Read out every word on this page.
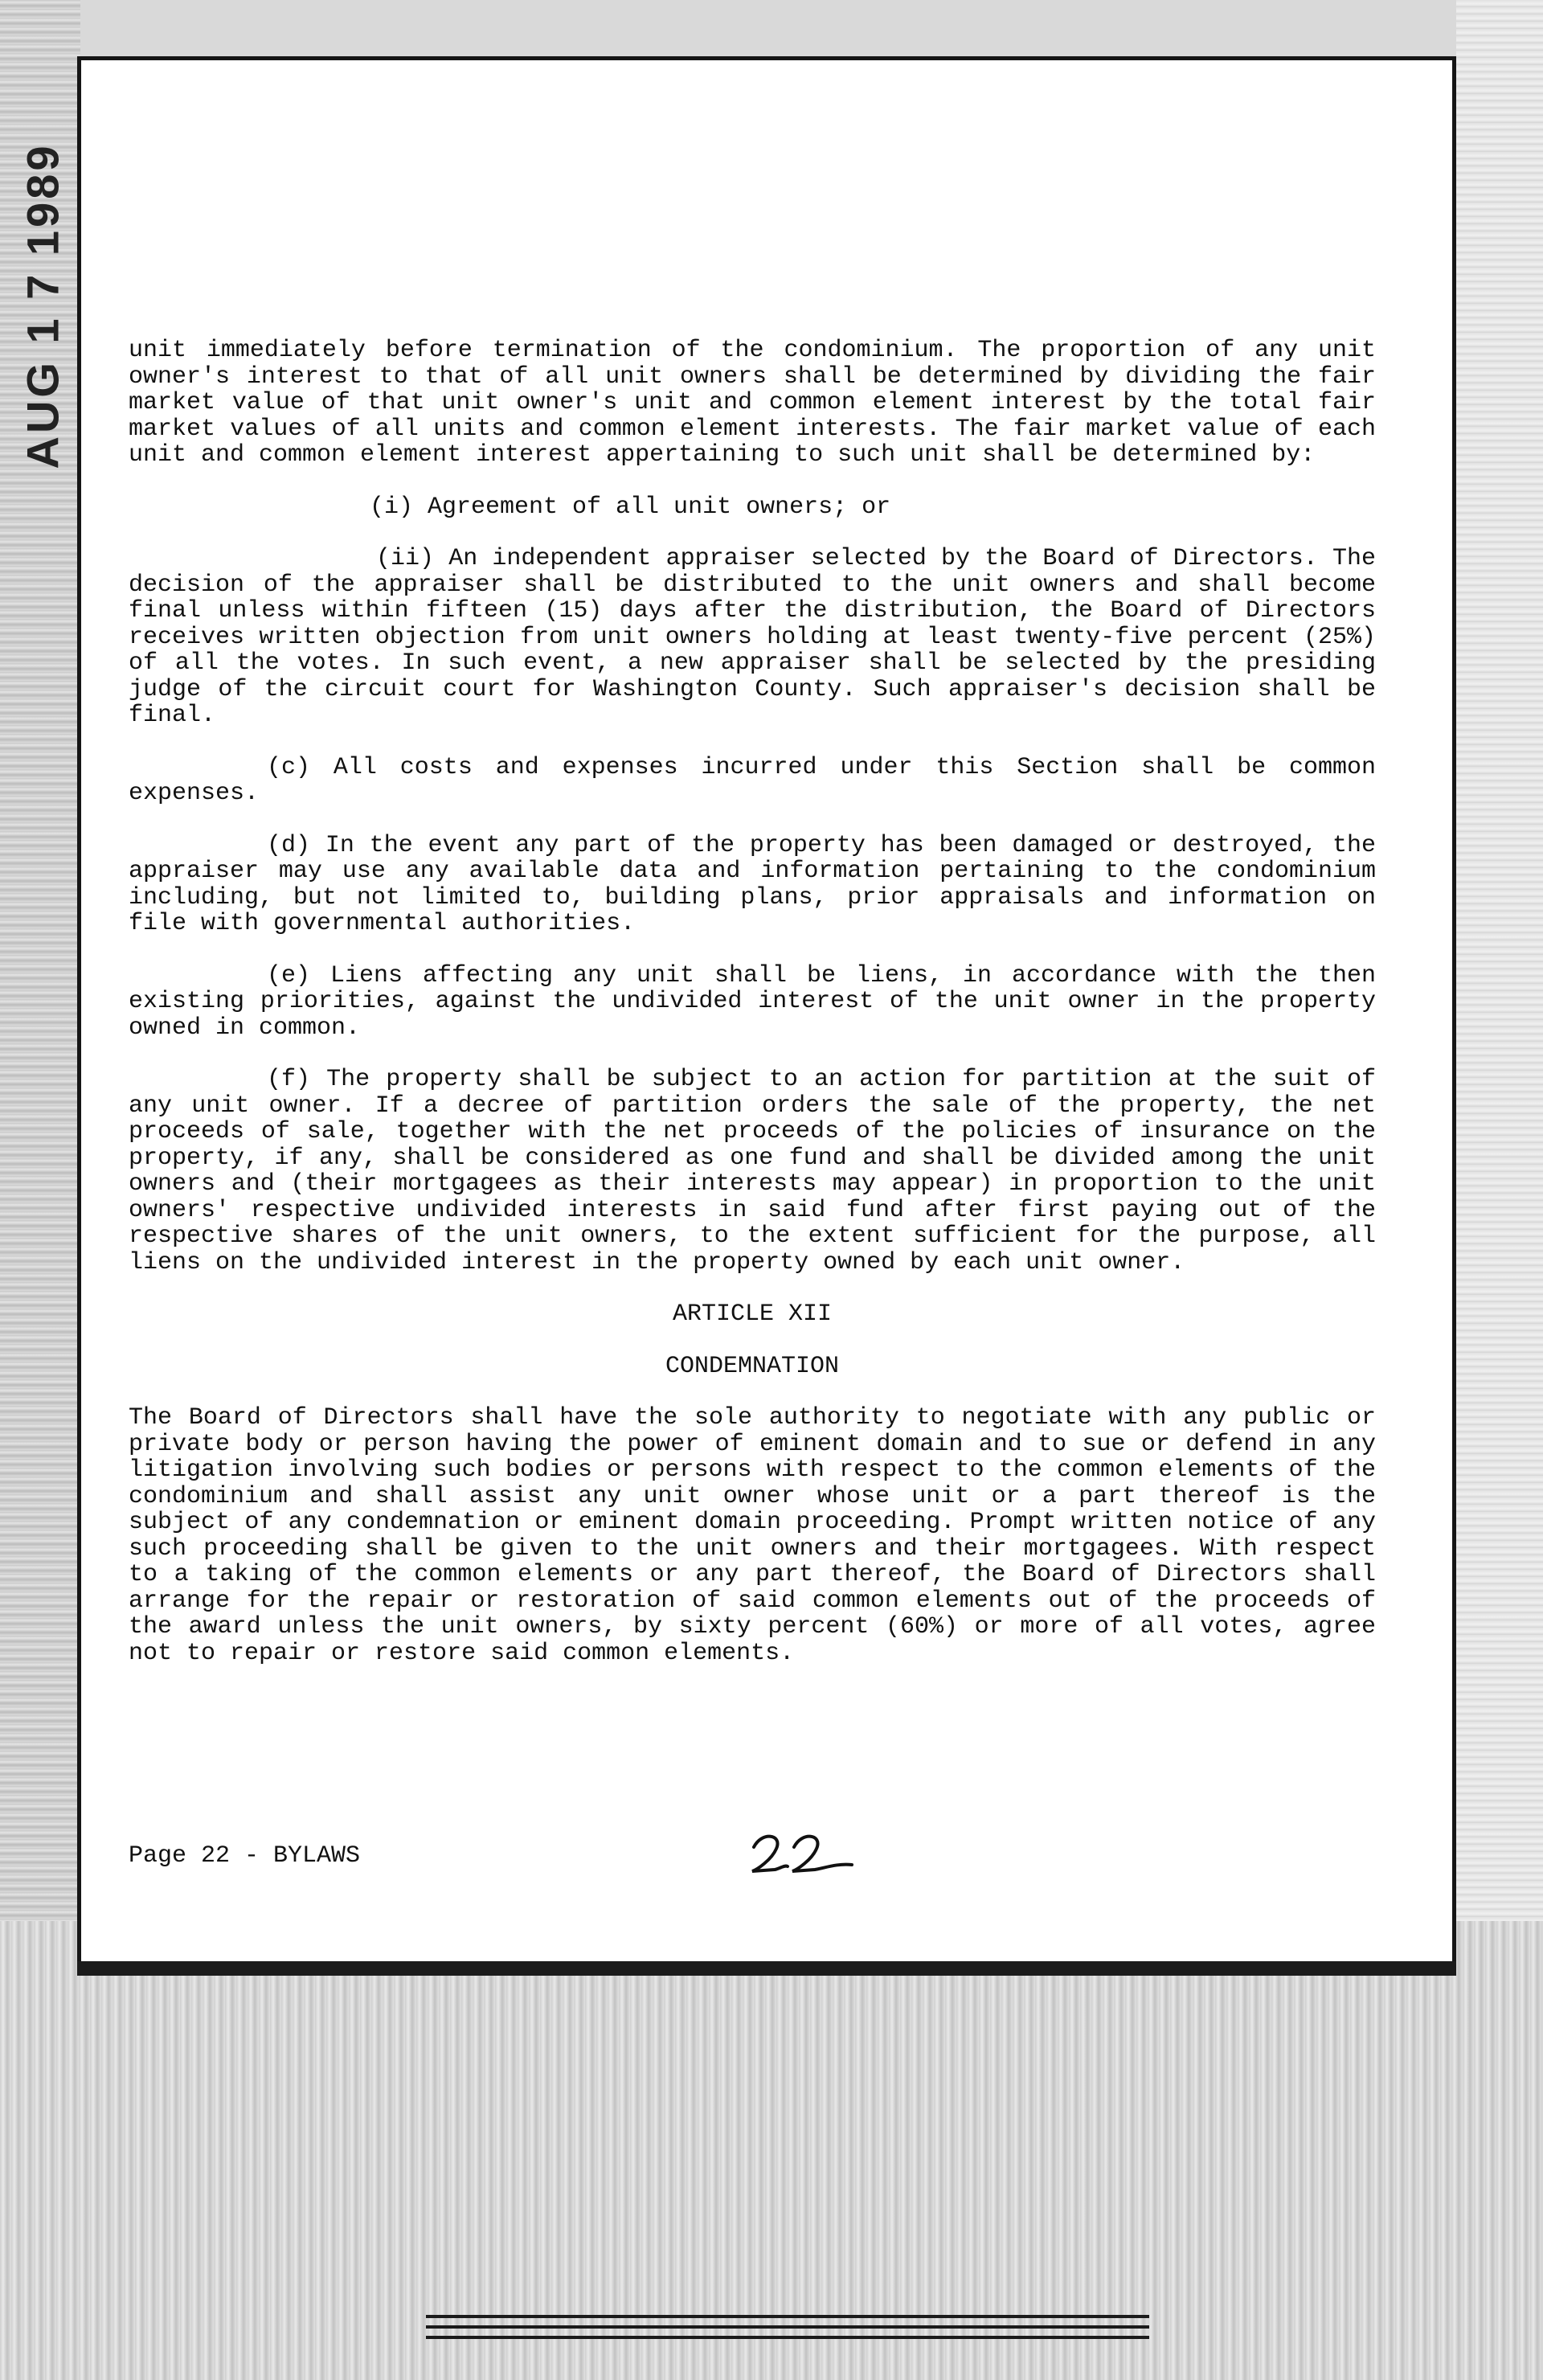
AUG 1 7 1989	unit immediately before termination of the condominium. The proportion of any unit owner's interest to that of all unit owners shall be determined by dividing the fair market value of that unit owner's unit and common element interest by the total fair market values of all units and common element interests. The fair market value of each unit and common element interest appertaining to such unit shall be determined by:

(i) Agreement of all unit owners; or

(ii) An independent appraiser selected by the Board of Directors. The decision of the appraiser shall be distributed to the unit owners and shall become final unless within fifteen (15) days after the distribution, the Board of Directors receives written objection from unit owners holding at least twenty-five percent (25%) of all the votes. In such event, a new appraiser shall be selected by the presiding judge of the circuit court for Washington County. Such appraiser's decision shall be final.

(c) All costs and expenses incurred under this Section shall be common expenses.

(d) In the event any part of the property has been damaged or destroyed, the appraiser may use any available data and information pertaining to the condominium including, but not limited to, building plans, prior appraisals and information on file with governmental authorities.

(e) Liens affecting any unit shall be liens, in accordance with the then existing priorities, against the undivided interest of the unit owner in the property owned in common.

(f) The property shall be subject to an action for partition at the suit of any unit owner. If a decree of partition orders the sale of the property, the net proceeds of sale, together with the net proceeds of the policies of insurance on the property, if any, shall be considered as one fund and shall be divided among the unit owners and (their mortgagees as their interests may appear) in proportion to the unit owners' respective undivided interests in said fund after first paying out of the respective shares of the unit owners, to the extent sufficient for the purpose, all liens on the undivided interest in the property owned by each unit owner.

ARTICLE XII

CONDEMNATION

The Board of Directors shall have the sole authority to negotiate with any public or private body or person having the power of eminent domain and to sue or defend in any litigation involving such bodies or persons with respect to the common elements of the condominium and shall assist any unit owner whose unit or a part thereof is the subject of any condemnation or eminent domain proceeding. Prompt written notice of any such proceeding shall be given to the unit owners and their mortgagees. With respect to a taking of the common elements or any part thereof, the Board of Directors shall arrange for the repair or restoration of said common elements out of the proceeds of the award unless the unit owners, by sixty percent (60%) or more of all votes, agree not to repair or restore said common elements.

Page 22 - BYLAWS
